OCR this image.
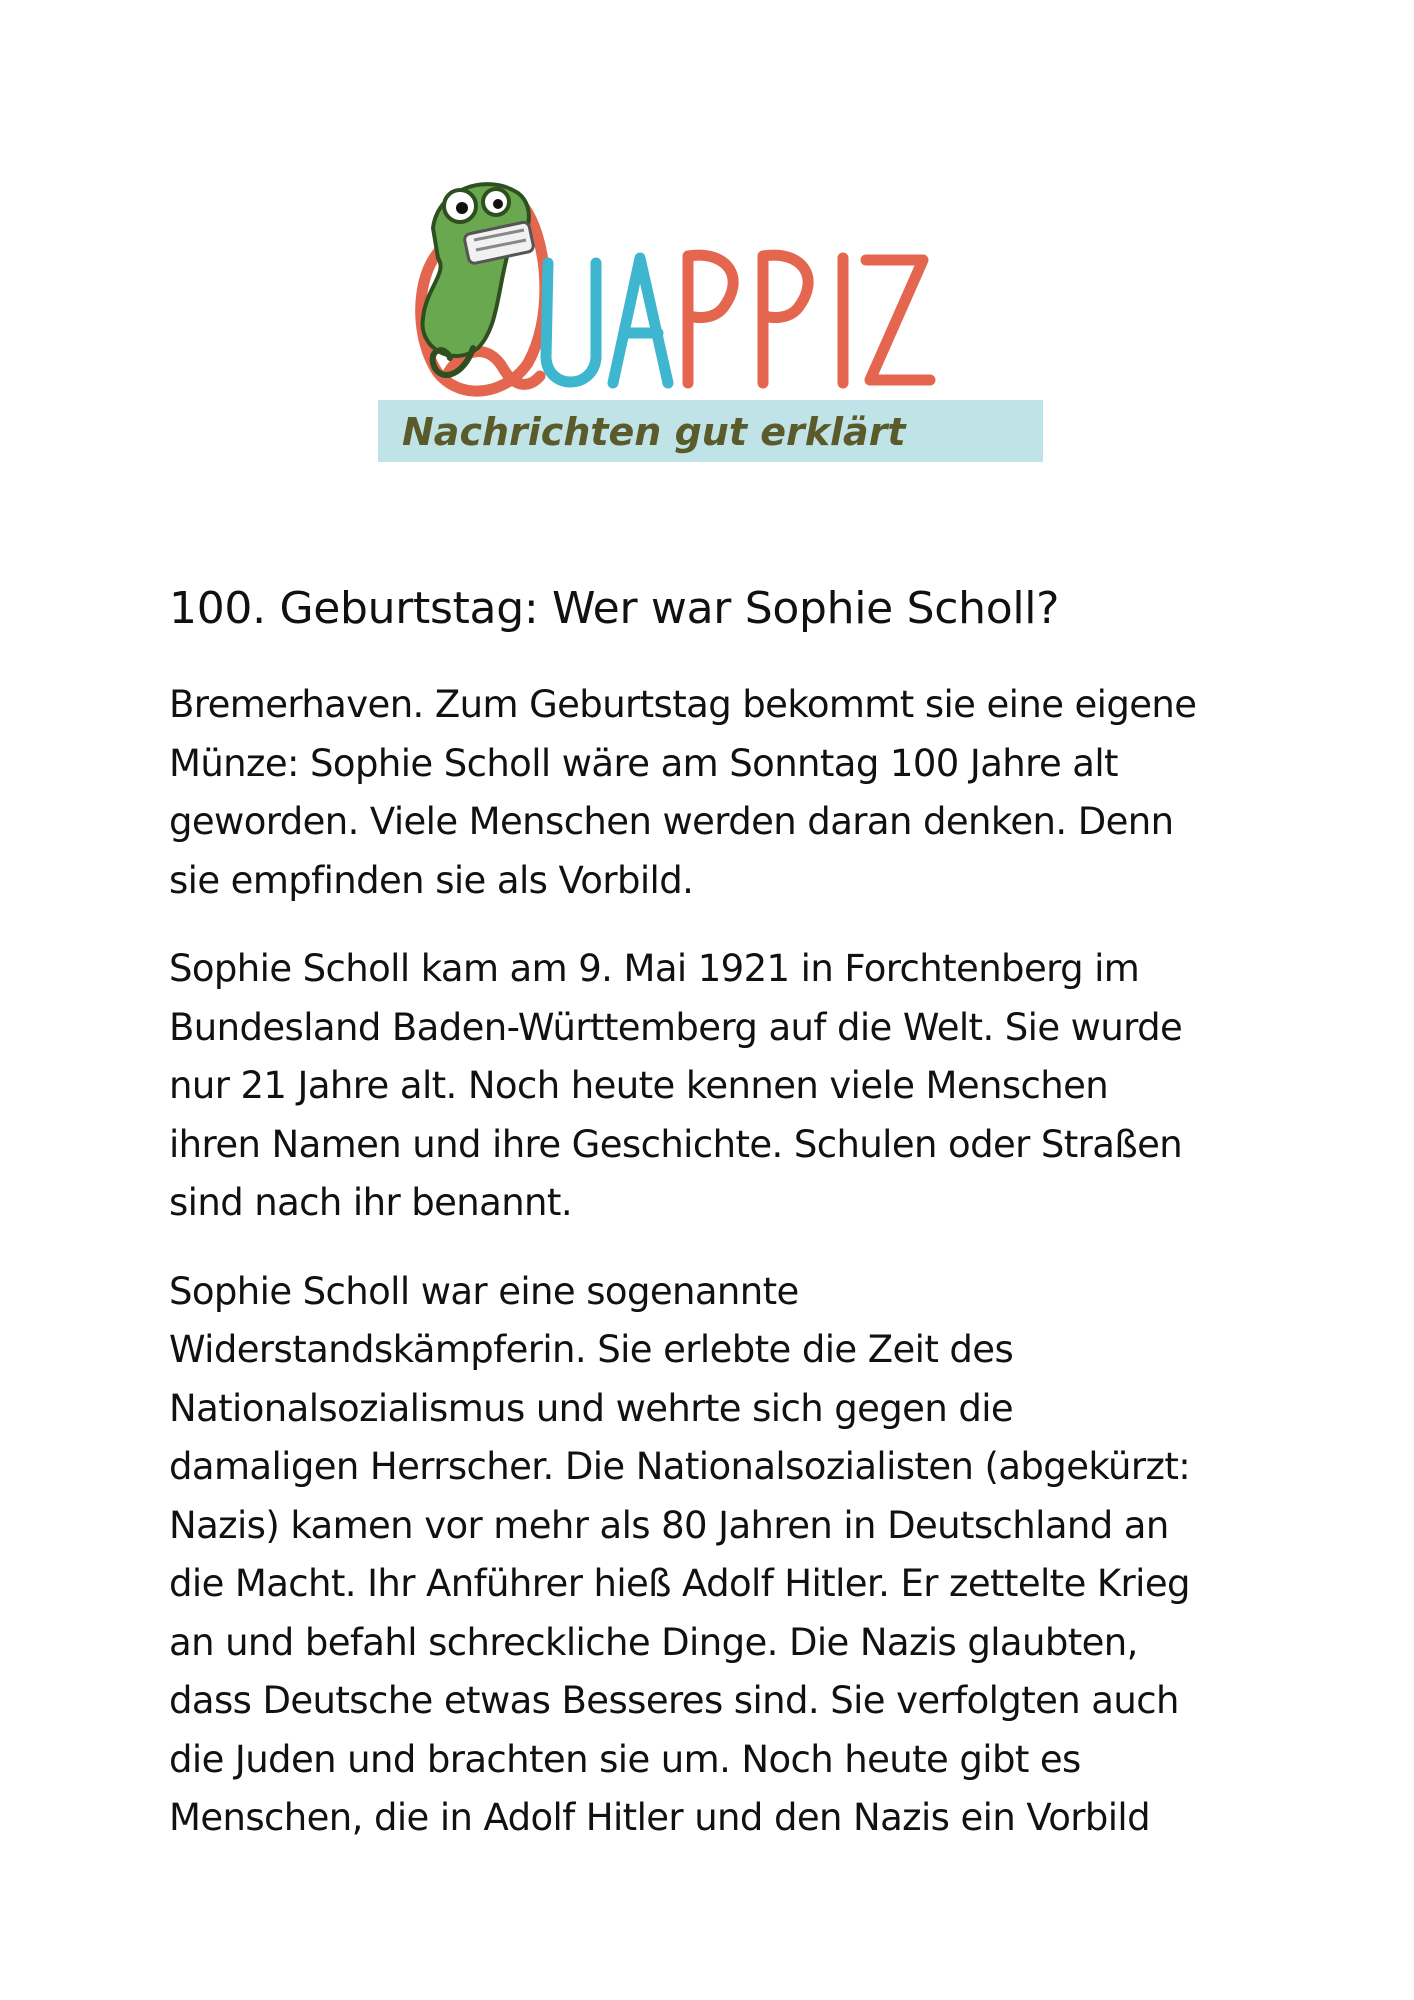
Nachrichten gut erklärt
100. Geburtstag: Wer war Sophie Scholl?

Bremerhaven. Zum Geburtstag bekommt sie eine eigene
Münze: Sophie Scholl wäre am Sonntag 100 Jahre alt
geworden. Viele Menschen werden daran denken. Denn
sie empfinden sie als Vorbild.

Sophie Scholl kam am 9. Mai 1921 in Forchtenberg im
Bundesland Baden-Württemberg auf die Welt. Sie wurde
nur 21 Jahre alt. Noch heute kennen viele Menschen
ihren Namen und ihre Geschichte. Schulen oder Straßen
sind nach ihr benannt.

Sophie Scholl war eine sogenannte
Widerstandskämpferin. Sie erlebte die Zeit des
Nationalsozialismus und wehrte sich gegen die
damaligen Herrscher. Die Nationalsozialisten (abgekürzt:
Nazis) kamen vor mehr als 80 Jahren in Deutschland an
die Macht. Ihr Anführer hieß Adolf Hitler. Er zettelte Krieg
an und befahl schreckliche Dinge. Die Nazis glaubten,
dass Deutsche etwas Besseres sind. Sie verfolgten auch
die Juden und brachten sie um. Noch heute gibt es
Menschen, die in Adolf Hitler und den Nazis ein Vorbild
